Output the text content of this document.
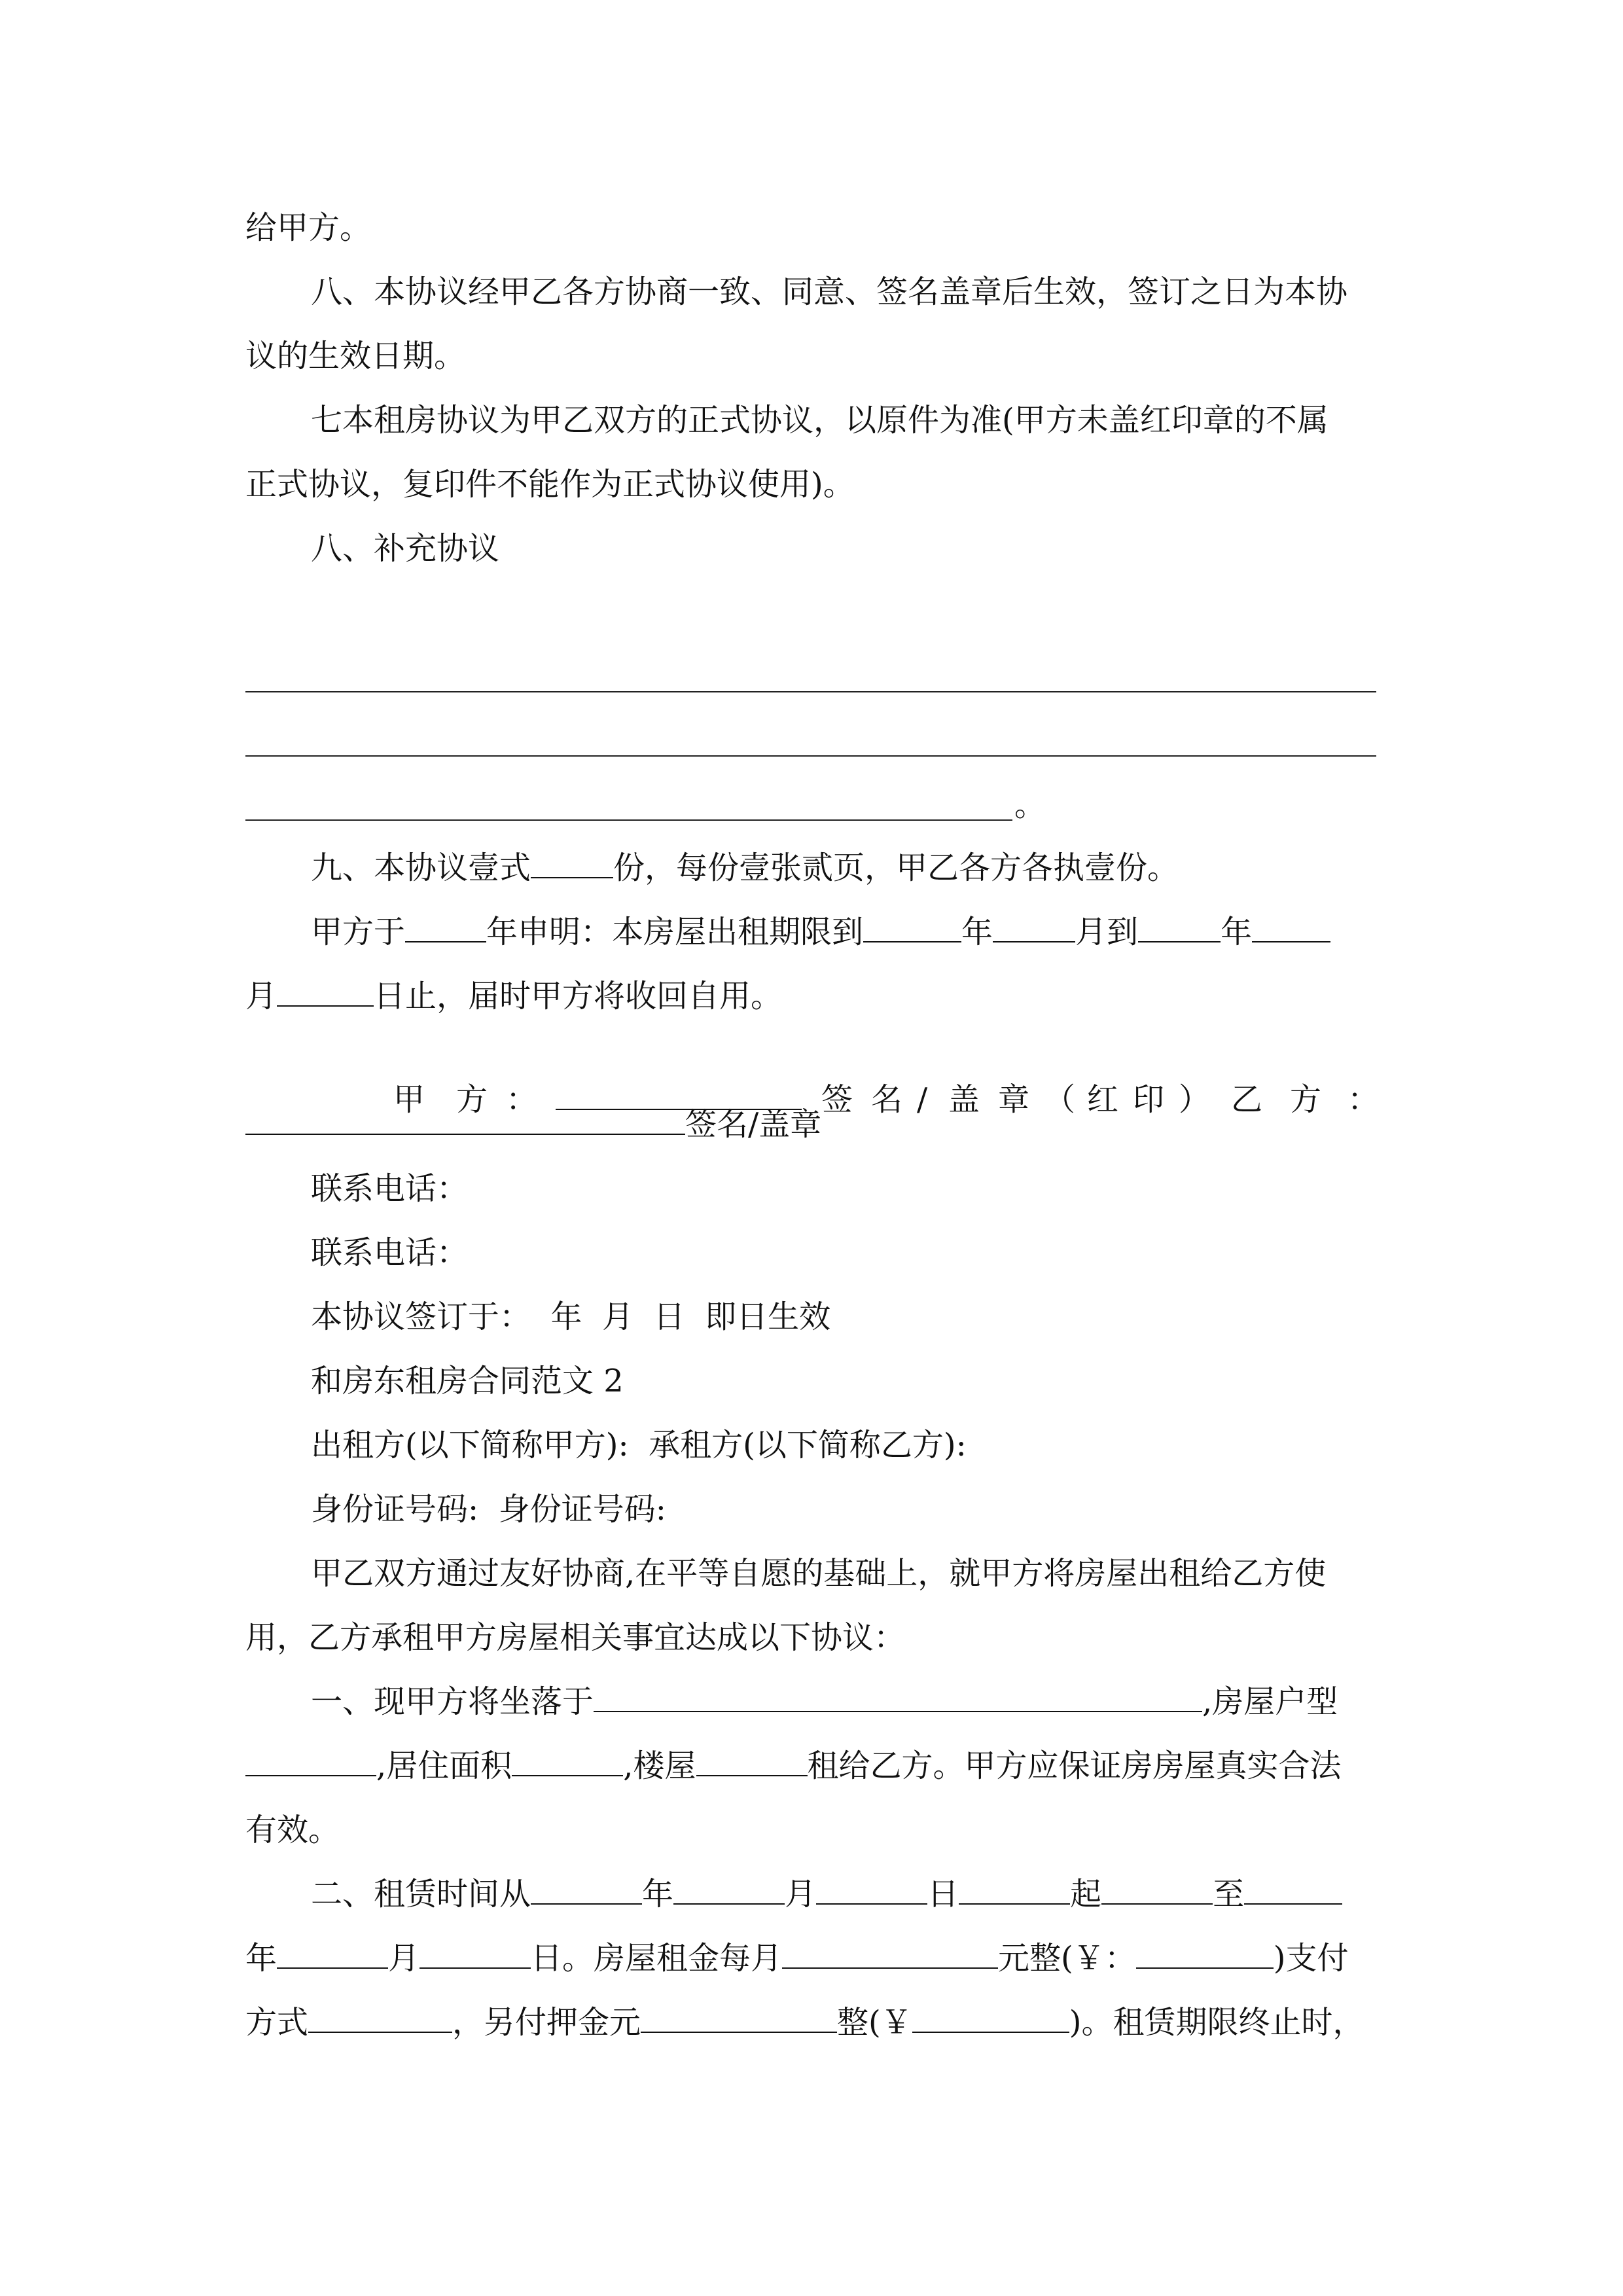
给甲方。
八、本协议经甲乙各方协商一致、同意、签名盖章后生效，签订之日为本协
议的生效日期。
七本租房协议为甲乙双方的正式协议，以原件为准(甲方未盖红印章的不属
正式协议，复印件不能作为正式协议使用)。
八、补充协议
。
九、本协议壹式	份，每份壹张贰页，甲乙各方各执壹份。
甲方于	年申明：本房屋出租期限到	年	月到	年
月	日止，届时甲方将收回自用。

甲 方 ：	签 名 / 盖 章 （ 红 印 ） 乙 方 ：

签名/盖章
联系电话：
联系电话：
本协议签订于：  年  月  日  即日生效
和房东租房合同范文 2
出租方(以下简称甲方):  承租方(以下简称乙方):
身份证号码:  身份证号码:
甲乙双方通过友好协商,在平等自愿的基础上，就甲方将房屋出租给乙方使
用，乙方承租甲方房屋相关事宜达成以下协议：
一、现甲方将坐落于	,房屋户型
,居住面积	,楼屋	租给乙方。甲方应保证房房屋真实合法
有效。
二、租赁时间从	年	月	日	起	至
年	月	日。房屋租金每月	元整(￥：	)支付
方式	，另付押金元	整(￥	)。租赁期限终止时，
